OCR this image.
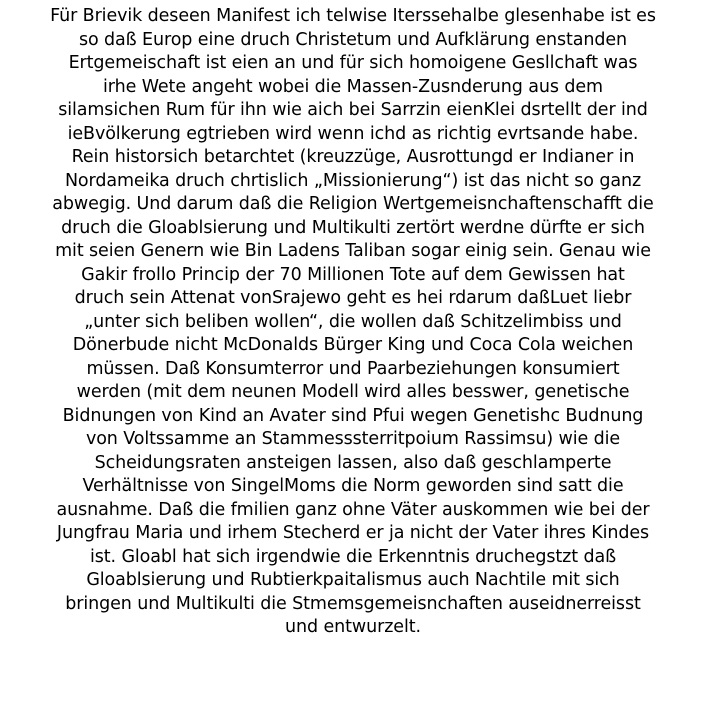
Für Brievik deseen Manifest ich telwise Iterssehalbe glesenhabe ist es
so daß Europ eine druch Christetum und Aufklärung enstanden
Ertgemeischaft ist eien an und für sich homoigene Gesllchaft was
irhe Wete angeht wobei die Massen-Zusnderung aus dem
silamsichen Rum für ihn wie aich bei Sarrzin eienKlei dsrtellt der ind
ieBvölkerung egtrieben wird wenn ichd as richtig evrtsande habe.
Rein historsich betarchtet (kreuzzüge, Ausrottungd er Indianer in
Nordameika druch chrtislich „Missionierung“) ist das nicht so ganz
abwegig. Und darum daß die Religion Wertgemeisnchaftenschafft die
druch die Gloablsierung und Multikulti zertört werdne dürfte er sich
mit seien Genern wie Bin Ladens Taliban sogar einig sein. Genau wie
Gakir frollo Princip der 70 Millionen Tote auf dem Gewissen hat
druch sein Attenat vonSrajewo geht es hei rdarum daßLuet liebr
„unter sich beliben wollen“, die wollen daß Schitzelimbiss und
Dönerbude nicht McDonalds Bürger King und Coca Cola weichen
müssen. Daß Konsumterror und Paarbeziehungen konsumiert
werden (mit dem neunen Modell wird alles besswer, genetische
Bidnungen von Kind an Avater sind Pfui wegen Genetishc Budnung
von Voltssamme an Stammesssterritpoium Rassimsu) wie die
Scheidungsraten ansteigen lassen, also daß geschlamperte
Verhältnisse von SingelMoms die Norm geworden sind satt die
ausnahme. Daß die fmilien ganz ohne Väter auskommen wie bei der
Jungfrau Maria und irhem Stecherd er ja nicht der Vater ihres Kindes
ist. Gloabl hat sich irgendwie die Erkenntnis druchegstzt daß
Gloablsierung und Rubtierkpaitalismus auch Nachtile mit sich
bringen und Multikulti die Stmemsgemeisnchaften auseidnerreisst
und entwurzelt.
